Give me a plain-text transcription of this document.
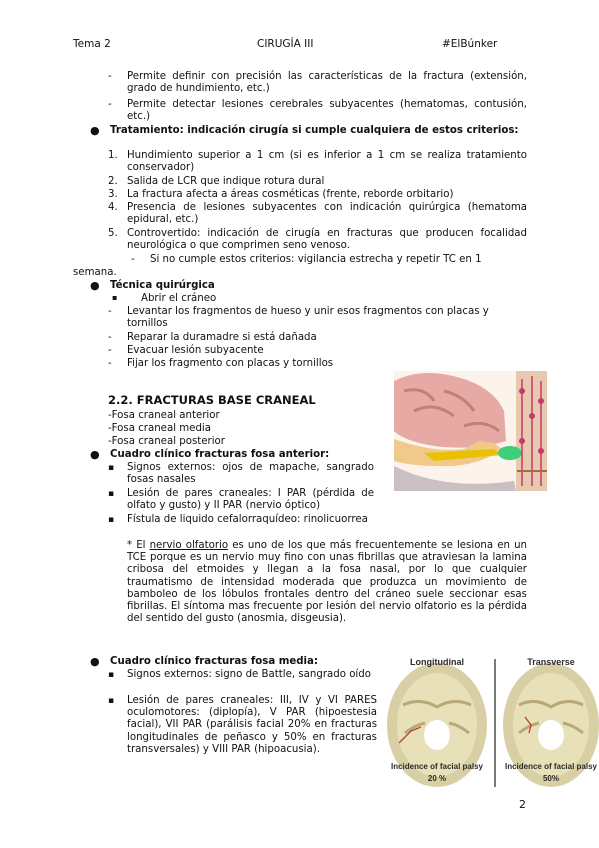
Tema 2	CIRUGÍA III	#ElBúnker
- Permite definir con precisión las características de la fractura (extensión, grado de hundimiento, etc.)
- Permite detectar lesiones cerebrales subyacentes (hematomas, contusión, etc.)
● Tratamiento: indicación cirugía si cumple cualquiera de estos criterios:
1. Hundimiento superior a 1 cm (si es inferior a 1 cm se realiza tratamiento conservador)
2. Salida de LCR que indique rotura dural
3. La fractura afecta a áreas cosméticas (frente, reborde orbitario)
4. Presencia de lesiones subyacentes con indicación quirúrgica (hematoma epidural, etc.)
5. Controvertido: indicación de cirugía en fracturas que producen focalidad neurológica o que comprimen seno venoso.
- Si no cumple estos criterios: vigilancia estrecha y repetir TC en 1
semana.
● Técnica quirúrgica
▪ Abrir el cráneo
- Levantar los fragmentos de hueso y unir esos fragmentos con placas y tornillos
- Reparar la duramadre si está dañada
- Evacuar lesión subyacente
- Fijar los fragmento con placas y tornillos
2.2. FRACTURAS BASE CRANEAL
-Fosa craneal anterior
-Fosa craneal media
-Fosa craneal posterior
● Cuadro clínico fracturas fosa anterior:
▪ Signos externos: ojos de mapache, sangrado fosas nasales
▪ Lesión de pares craneales: I PAR (pérdida de olfato y gusto) y II PAR (nervio óptico)
▪ Fístula de liquido cefalorraquídeo: rinolicuorrea
* El nervio olfatorio es uno de los que más frecuentemente se lesiona en un TCE porque es un nervio muy fino con unas fibrillas que atraviesan la lamina cribosa del etmoides y llegan a la fosa nasal, por lo que cualquier traumatismo de intensidad moderada que produzca un movimiento de bamboleo de los lóbulos frontales dentro del cráneo suele seccionar esas fibrillas. El síntoma mas frecuente por lesión del nervio olfatorio es la pérdida del sentido del gusto (anosmia, disgeusia).
● Cuadro clínico fracturas fosa media:
▪ Signos externos: signo de Battle, sangrado oído
▪ Lesión de pares craneales: III, IV y VI PARES oculomotores: (diplopía), V PAR (hipoestesia facial), VII PAR (parálisis facial 20% en fracturas longitudinales de peñasco y 50% en fracturas transversales) y VIII PAR (hipoacusia).
Longitudinal	Transverse
Incidence of facial palsy
20 %
Incidence of facial palsy
50%
2
